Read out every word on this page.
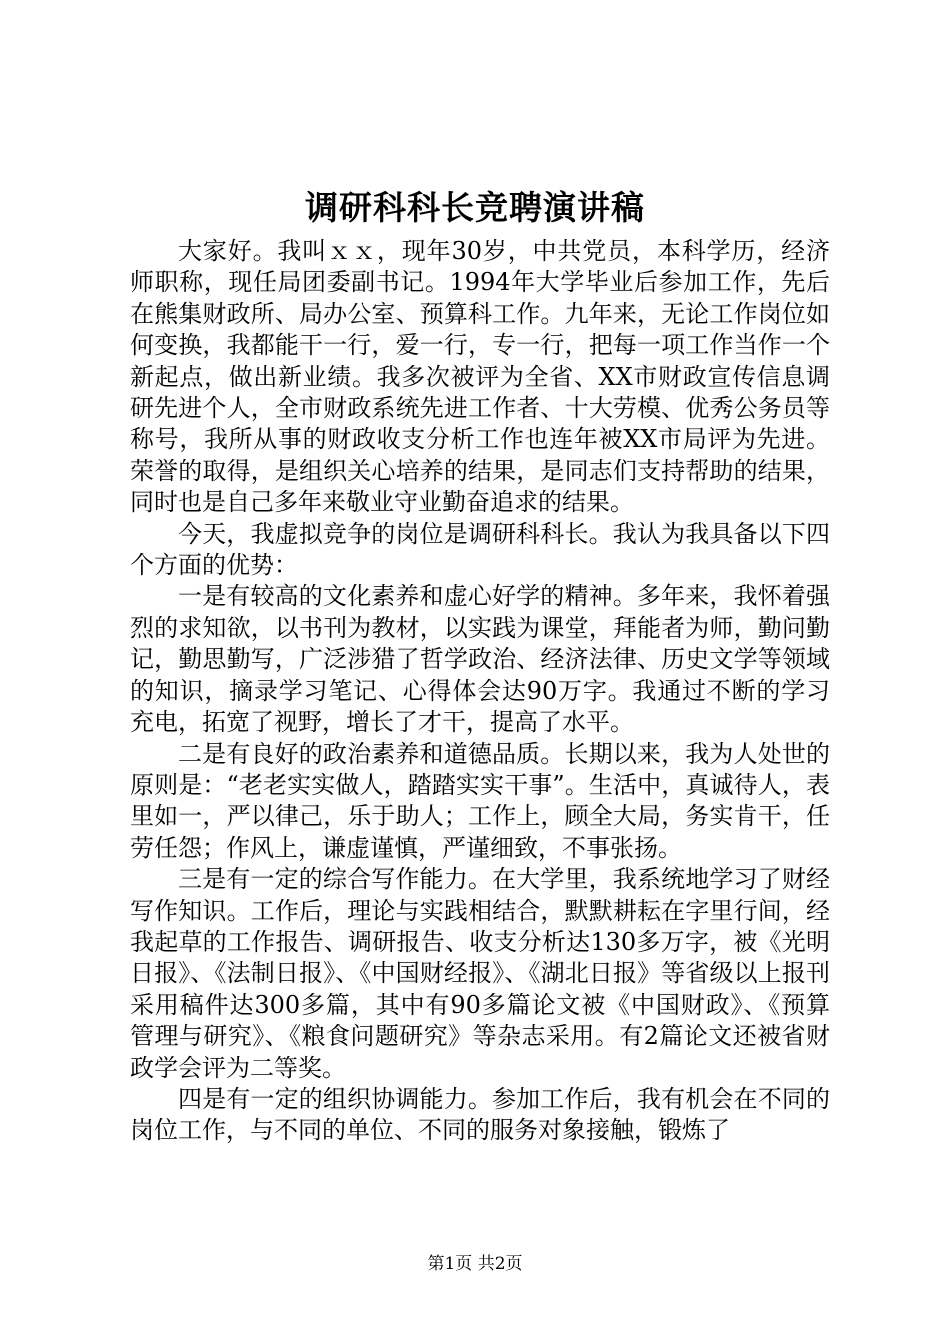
调研科科长竞聘演讲稿

大家好。我叫ｘｘ，现年30岁，中共党员，本科学历，经济师职称，现任局团委副书记。1994年大学毕业后参加工作，先后在熊集财政所、局办公室、预算科工作。九年来，无论工作岗位如何变换，我都能干一行，爱一行，专一行，把每一项工作当作一个新起点，做出新业绩。我多次被评为全省、XX市财政宣传信息调研先进个人，全市财政系统先进工作者、十大劳模、优秀公务员等称号，我所从事的财政收支分析工作也连年被XX市局评为先进。荣誉的取得，是组织关心培养的结果，是同志们支持帮助的结果，同时也是自己多年来敬业守业勤奋追求的结果。

今天，我虚拟竞争的岗位是调研科科长。我认为我具备以下四个方面的优势：

一是有较高的文化素养和虚心好学的精神。多年来，我怀着强烈的求知欲，以书刊为教材，以实践为课堂，拜能者为师，勤问勤记，勤思勤写，广泛涉猎了哲学政治、经济法律、历史文学等领域的知识，摘录学习笔记、心得体会达90万字。我通过不断的学习充电，拓宽了视野，增长了才干，提高了水平。

二是有良好的政治素养和道德品质。长期以来，我为人处世的原则是：“老老实实做人，踏踏实实干事”。生活中，真诚待人，表里如一，严以律己，乐于助人；工作上，顾全大局，务实肯干，任劳任怨；作风上，谦虚谨慎，严谨细致，不事张扬。

三是有一定的综合写作能力。在大学里，我系统地学习了财经写作知识。工作后，理论与实践相结合，默默耕耘在字里行间，经我起草的工作报告、调研报告、收支分析达130多万字，被《光明日报》、《法制日报》、《中国财经报》、《湖北日报》等省级以上报刊采用稿件达300多篇，其中有90多篇论文被《中国财政》、《预算管理与研究》、《粮食问题研究》等杂志采用。有2篇论文还被省财政学会评为二等奖。

四是有一定的组织协调能力。参加工作后，我有机会在不同的岗位工作，与不同的单位、不同的服务对象接触，锻炼了

第1页 共2页
